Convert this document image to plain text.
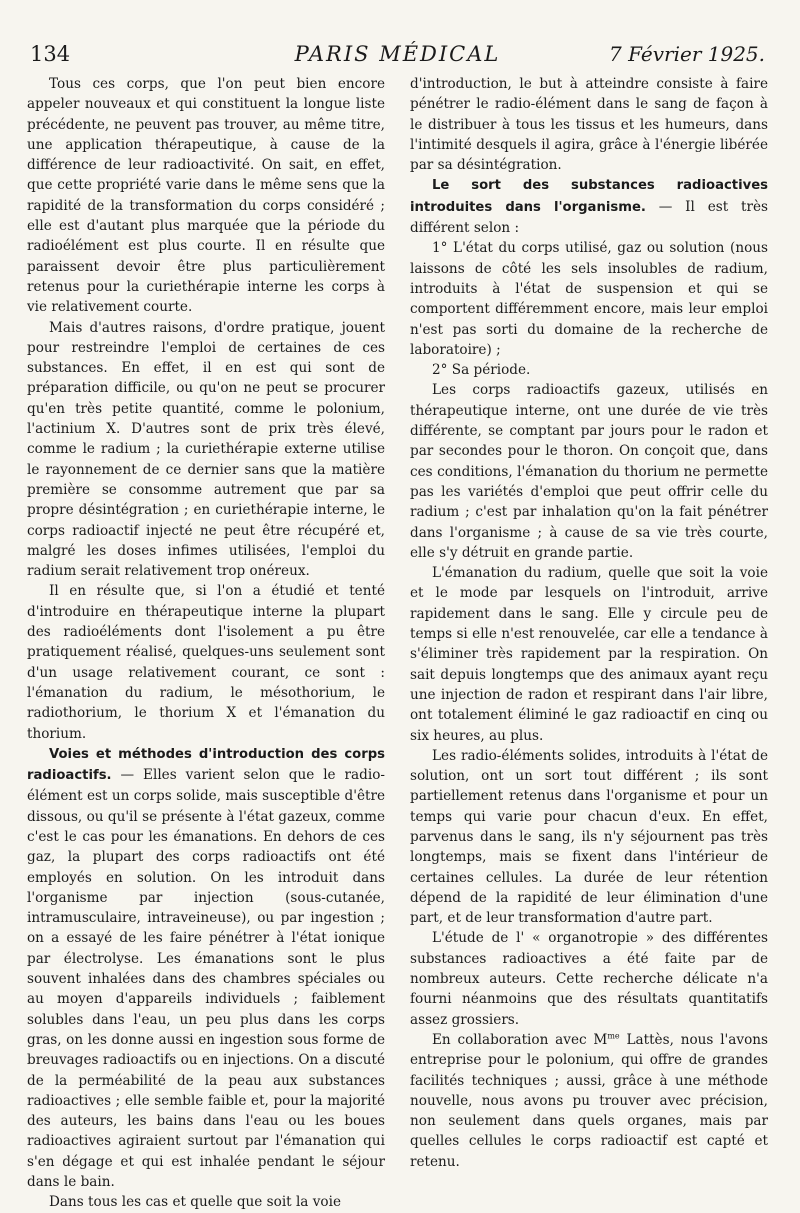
134	PARIS MÉDICAL	7 Février 1925.

Tous ces corps, que l'on peut bien encore appeler nouveaux et qui constituent la longue liste précédente, ne peuvent pas trouver, au même titre, une application thérapeutique, à cause de la différence de leur radioactivité. On sait, en effet, que cette propriété varie dans le même sens que la rapidité de la transformation du corps considéré ; elle est d'autant plus marquée que la période du radioélément est plus courte. Il en résulte que paraissent devoir être plus particulièrement retenus pour la curiethérapie interne les corps à vie relativement courte.

Mais d'autres raisons, d'ordre pratique, jouent pour restreindre l'emploi de certaines de ces substances. En effet, il en est qui sont de préparation difficile, ou qu'on ne peut se procurer qu'en très petite quantité, comme le polonium, l'actinium X. D'autres sont de prix très élevé, comme le radium ; la curiethérapie externe utilise le rayonnement de ce dernier sans que la matière première se consomme autrement que par sa propre désintégration ; en curiethérapie interne, le corps radioactif injecté ne peut être récupéré et, malgré les doses infimes utilisées, l'emploi du radium serait relativement trop onéreux.

Il en résulte que, si l'on a étudié et tenté d'introduire en thérapeutique interne la plupart des radioéléments dont l'isolement a pu être pratiquement réalisé, quelques-uns seulement sont d'un usage relativement courant, ce sont : l'émanation du radium, le mésothorium, le radiothorium, le thorium X et l'émanation du thorium.

Voies et méthodes d'introduction des corps radioactifs. — Elles varient selon que le radio-élément est un corps solide, mais susceptible d'être dissous, ou qu'il se présente à l'état gazeux, comme c'est le cas pour les émanations. En dehors de ces gaz, la plupart des corps radioactifs ont été employés en solution. On les introduit dans l'organisme par injection (sous-cutanée, intramusculaire, intraveineuse), ou par ingestion ; on a essayé de les faire pénétrer à l'état ionique par électrolyse. Les émanations sont le plus souvent inhalées dans des chambres spéciales ou au moyen d'appareils individuels ; faiblement solubles dans l'eau, un peu plus dans les corps gras, on les donne aussi en ingestion sous forme de breuvages radioactifs ou en injections. On a discuté de la perméabilité de la peau aux substances radioactives ; elle semble faible et, pour la majorité des auteurs, les bains dans l'eau ou les boues radioactives agiraient surtout par l'émanation qui s'en dégage et qui est inhalée pendant le séjour dans le bain.

Dans tous les cas et quelle que soit la voie

d'introduction, le but à atteindre consiste à faire pénétrer le radio-élément dans le sang de façon à le distribuer à tous les tissus et les humeurs, dans l'intimité desquels il agira, grâce à l'énergie libérée par sa désintégration.

Le sort des substances radioactives introduites dans l'organisme. — Il est très différent selon :

1° L'état du corps utilisé, gaz ou solution (nous laissons de côté les sels insolubles de radium, introduits à l'état de suspension et qui se comportent différemment encore, mais leur emploi n'est pas sorti du domaine de la recherche de laboratoire) ;

2° Sa période.

Les corps radioactifs gazeux, utilisés en thérapeutique interne, ont une durée de vie très différente, se comptant par jours pour le radon et par secondes pour le thoron. On conçoit que, dans ces conditions, l'émanation du thorium ne permette pas les variétés d'emploi que peut offrir celle du radium ; c'est par inhalation qu'on la fait pénétrer dans l'organisme ; à cause de sa vie très courte, elle s'y détruit en grande partie.

L'émanation du radium, quelle que soit la voie et le mode par lesquels on l'introduit, arrive rapidement dans le sang. Elle y circule peu de temps si elle n'est renouvelée, car elle a tendance à s'éliminer très rapidement par la respiration. On sait depuis longtemps que des animaux ayant reçu une injection de radon et respirant dans l'air libre, ont totalement éliminé le gaz radioactif en cinq ou six heures, au plus.

Les radio-éléments solides, introduits à l'état de solution, ont un sort tout différent ; ils sont partiellement retenus dans l'organisme et pour un temps qui varie pour chacun d'eux. En effet, parvenus dans le sang, ils n'y séjournent pas très longtemps, mais se fixent dans l'intérieur de certaines cellules. La durée de leur rétention dépend de la rapidité de leur élimination d'une part, et de leur transformation d'autre part.

L'étude de l' « organotropie » des différentes substances radioactives a été faite par de nombreux auteurs. Cette recherche délicate n'a fourni néanmoins que des résultats quantitatifs assez grossiers.

En collaboration avec $M^{me}$ Lattès, nous l'avons entreprise pour le polonium, qui offre de grandes facilités techniques ; aussi, grâce à une méthode nouvelle, nous avons pu trouver avec précision, non seulement dans quels organes, mais par quelles cellules le corps radioactif est capté et retenu.
